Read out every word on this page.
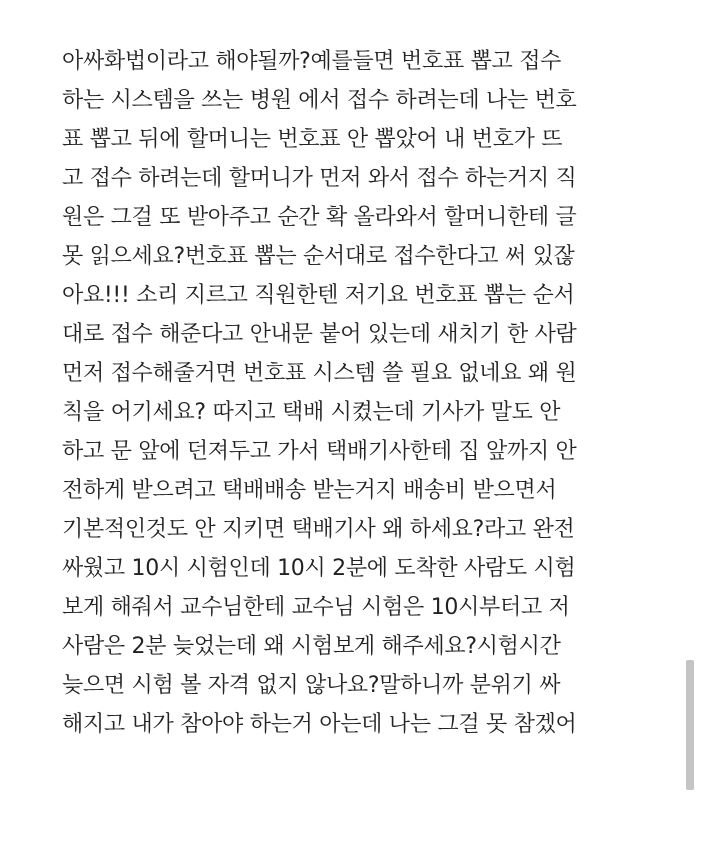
아싸화법이라고 해야될까?예를들면 번호표 뽑고 접수
하는 시스템을 쓰는 병원 에서 접수 하려는데 나는 번호
표 뽑고 뒤에 할머니는 번호표 안 뽑았어 내 번호가 뜨
고 접수 하려는데 할머니가 먼저 와서 접수 하는거지 직
원은 그걸 또 받아주고 순간 확 올라와서 할머니한테 글
못 읽으세요?번호표 뽑는 순서대로 접수한다고 써 있잖
아요!!! 소리 지르고 직원한텐 저기요 번호표 뽑는 순서
대로 접수 해준다고 안내문 붙어 있는데 새치기 한 사람
먼저 접수해줄거면 번호표 시스템 쓸 필요 없네요 왜 원
칙을 어기세요? 따지고 택배 시켰는데 기사가 말도 안
하고 문 앞에 던져두고 가서 택배기사한테 집 앞까지 안
전하게 받으려고 택배배송 받는거지 배송비 받으면서
기본적인것도 안 지키면 택배기사 왜 하세요?라고 완전
싸웠고 10시 시험인데 10시 2분에 도착한 사람도 시험
보게 해줘서 교수님한테 교수님 시험은 10시부터고 저
사람은 2분 늦었는데 왜 시험보게 해주세요?시험시간
늦으면 시험 볼 자격 없지 않나요?말하니까 분위기 싸
해지고 내가 참아야 하는거 아는데 나는 그걸 못 참겠어
